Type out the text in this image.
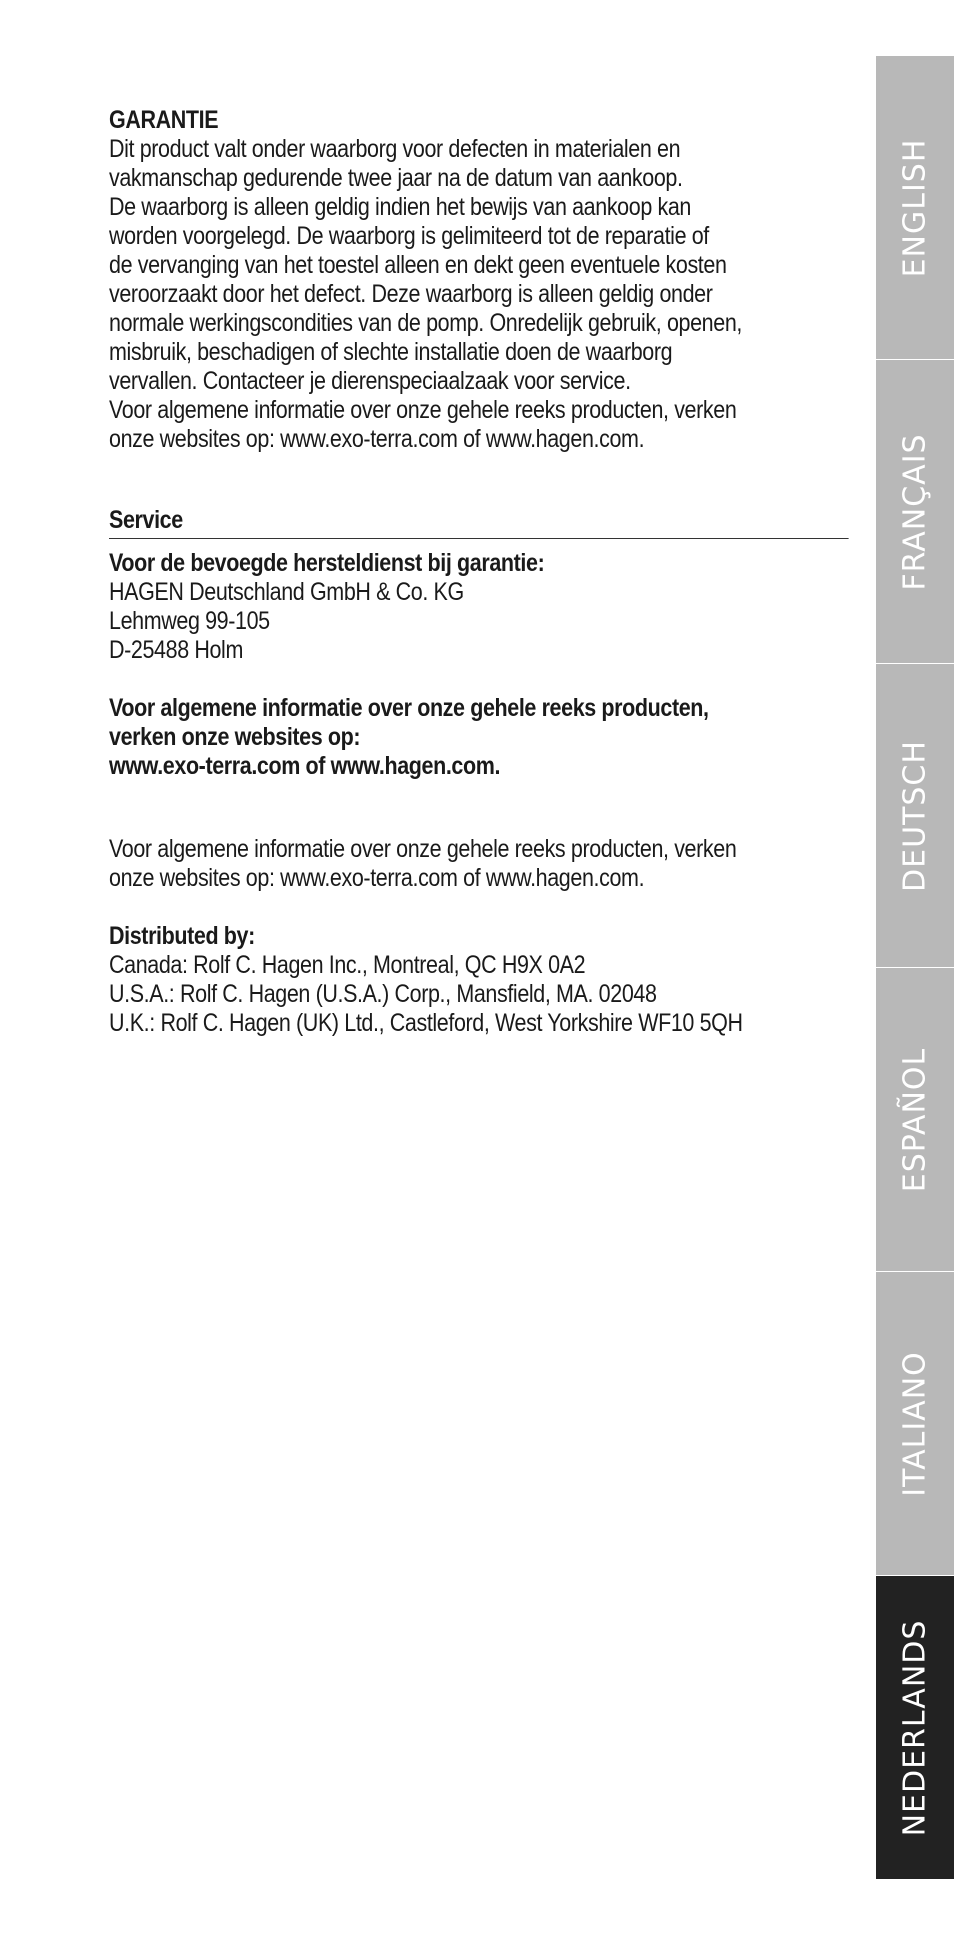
GARANTIE

Dit product valt onder waarborg voor defecten in materialen en

vakmanschap gedurende twee jaar na de datum van aankoop.

De waarborg is alleen geldig indien het bewijs van aankoop kan

worden voorgelegd. De waarborg is gelimiteerd tot de reparatie of

de vervanging van het toestel alleen en dekt geen eventuele kosten

veroorzaakt door het defect. Deze waarborg is alleen geldig onder

normale werkingscondities van de pomp. Onredelijk gebruik, openen,

misbruik, beschadigen of slechte installatie doen de waarborg

vervallen. Contacteer je dierenspeciaalzaak voor service.

Voor algemene informatie over onze gehele reeks producten, verken

onze websites op: www.exo-terra.com of www.hagen.com.

Service

Voor de bevoegde hersteldienst bij garantie:

HAGEN Deutschland GmbH & Co. KG

Lehmweg 99-105

D-25488 Holm

Voor algemene informatie over onze gehele reeks producten,

verken onze websites op:

www.exo-terra.com of www.hagen.com.

Voor algemene informatie over onze gehele reeks producten, verken

onze websites op: www.exo-terra.com of www.hagen.com.

Distributed by:

Canada: Rolf C. Hagen Inc., Montreal, QC H9X 0A2

U.S.A.: Rolf C. Hagen (U.S.A.) Corp., Mansfield, MA. 02048

U.K.: Rolf C. Hagen (UK) Ltd., Castleford, West Yorkshire WF10 5QH

ENGLISH
FRANÇAIS
DEUTSCH
ESPAÑOL
ITALIANO
NEDERLANDS
